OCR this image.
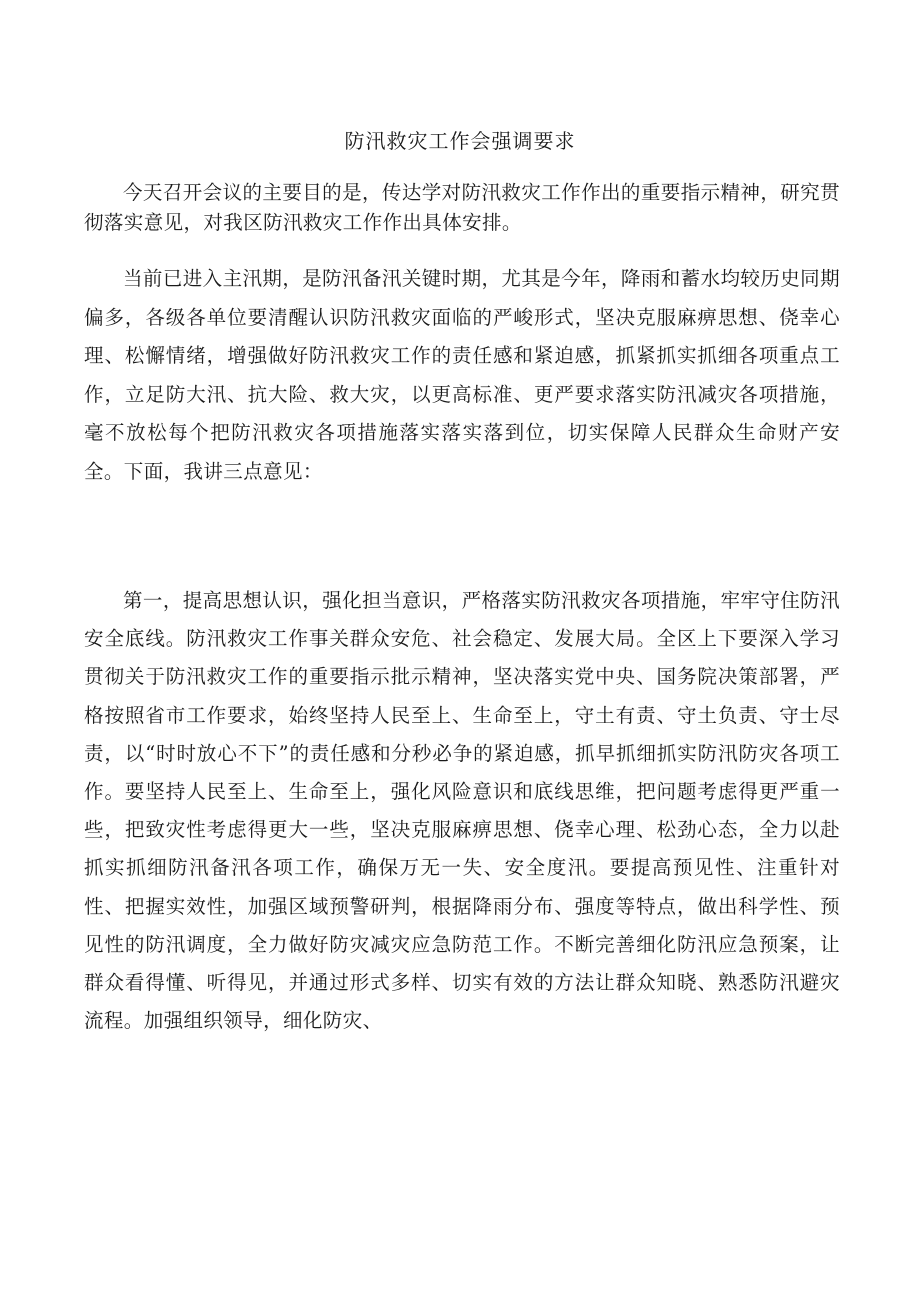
防汛救灾工作会强调要求

今天召开会议的主要目的是，传达学对防汛救灾工作作出的重要指示精神，研究贯彻落实意见，对我区防汛救灾工作作出具体安排。

当前已进入主汛期，是防汛备汛关键时期，尤其是今年，降雨和蓄水均较历史同期偏多，各级各单位要清醒认识防汛救灾面临的严峻形式，坚决克服麻痹思想、侥幸心理、松懈情绪，增强做好防汛救灾工作的责任感和紧迫感，抓紧抓实抓细各项重点工作，立足防大汛、抗大险、救大灾，以更高标准、更严要求落实防汛减灾各项措施，毫不放松每个把防汛救灾各项措施落实落实落到位，切实保障人民群众生命财产安全。下面，我讲三点意见：

第一，提高思想认识，强化担当意识，严格落实防汛救灾各项措施，牢牢守住防汛安全底线。防汛救灾工作事关群众安危、社会稳定、发展大局。全区上下要深入学习贯彻关于防汛救灾工作的重要指示批示精神，坚决落实党中央、国务院决策部署，严格按照省市工作要求，始终坚持人民至上、生命至上，守土有责、守土负责、守士尽责，以“时时放心不下”的责任感和分秒必争的紧迫感，抓早抓细抓实防汛防灾各项工作。要坚持人民至上、生命至上，强化风险意识和底线思维，把问题考虑得更严重一些，把致灾性考虑得更大一些，坚决克服麻痹思想、侥幸心理、松劲心态，全力以赴抓实抓细防汛备汛各项工作，确保万无一失、安全度汛。要提高预见性、注重针对性、把握实效性，加强区域预警研判，根据降雨分布、强度等特点，做出科学性、预见性的防汛调度，全力做好防灾减灾应急防范工作。不断完善细化防汛应急预案，让群众看得懂、听得见，并通过形式多样、切实有效的方法让群众知晓、熟悉防汛避灾流程。加强组织领导，细化防灾、
